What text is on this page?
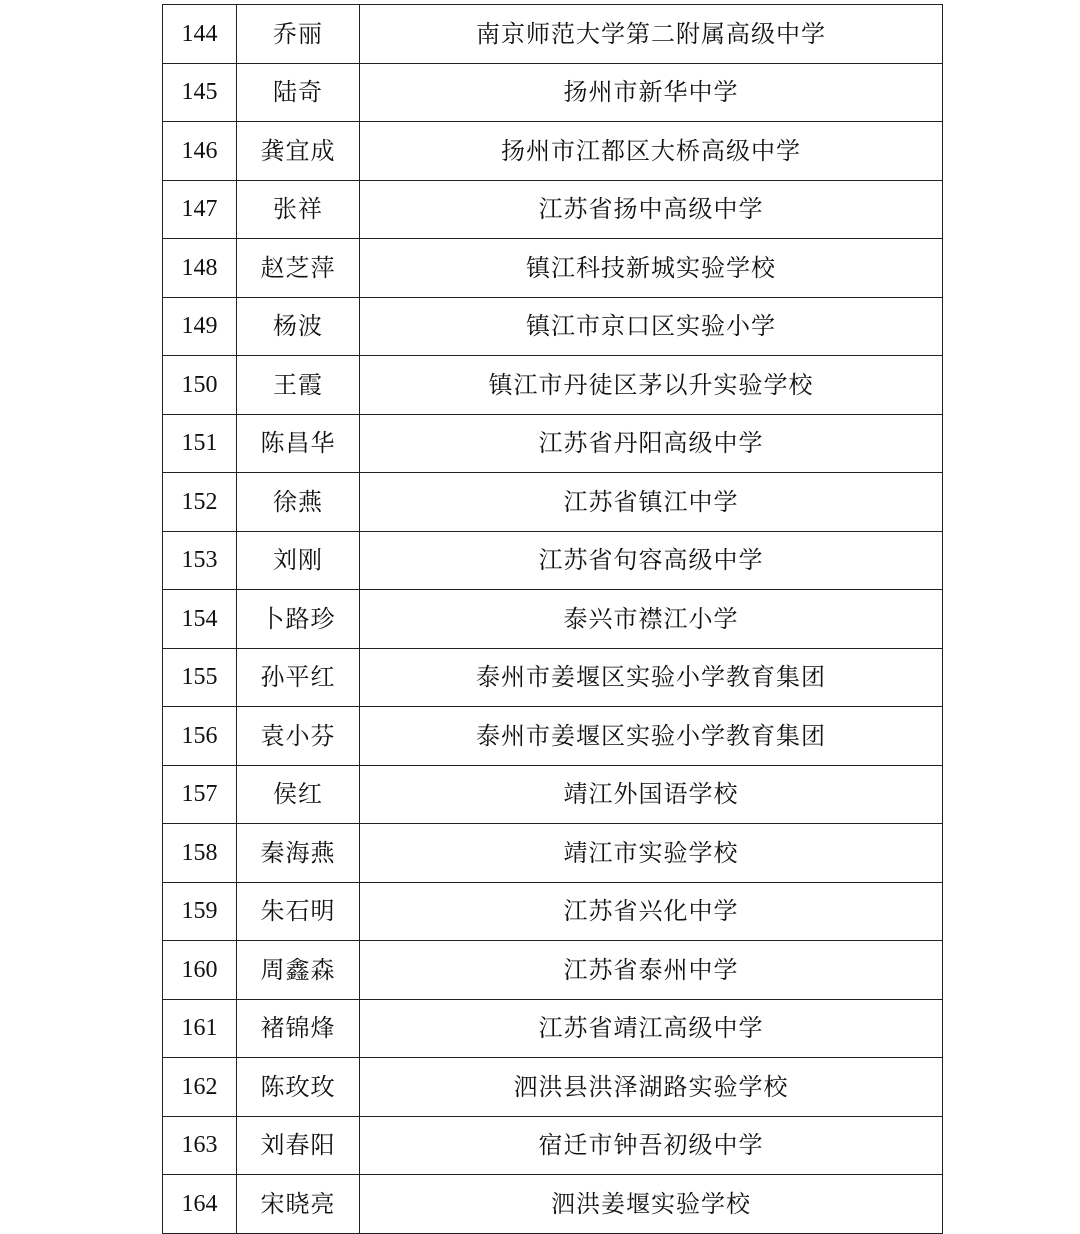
144	乔丽	南京师范大学第二附属高级中学
145	陆奇	扬州市新华中学
146	龚宜成	扬州市江都区大桥高级中学
147	张祥	江苏省扬中高级中学
148	赵芝萍	镇江科技新城实验学校
149	杨波	镇江市京口区实验小学
150	王霞	镇江市丹徒区茅以升实验学校
151	陈昌华	江苏省丹阳高级中学
152	徐燕	江苏省镇江中学
153	刘刚	江苏省句容高级中学
154	卜路珍	泰兴市襟江小学
155	孙平红	泰州市姜堰区实验小学教育集团
156	袁小芬	泰州市姜堰区实验小学教育集团
157	侯红	靖江外国语学校
158	秦海燕	靖江市实验学校
159	朱石明	江苏省兴化中学
160	周鑫森	江苏省泰州中学
161	褚锦烽	江苏省靖江高级中学
162	陈玫玫	泗洪县洪泽湖路实验学校
163	刘春阳	宿迁市钟吾初级中学
164	宋晓亮	泗洪姜堰实验学校
